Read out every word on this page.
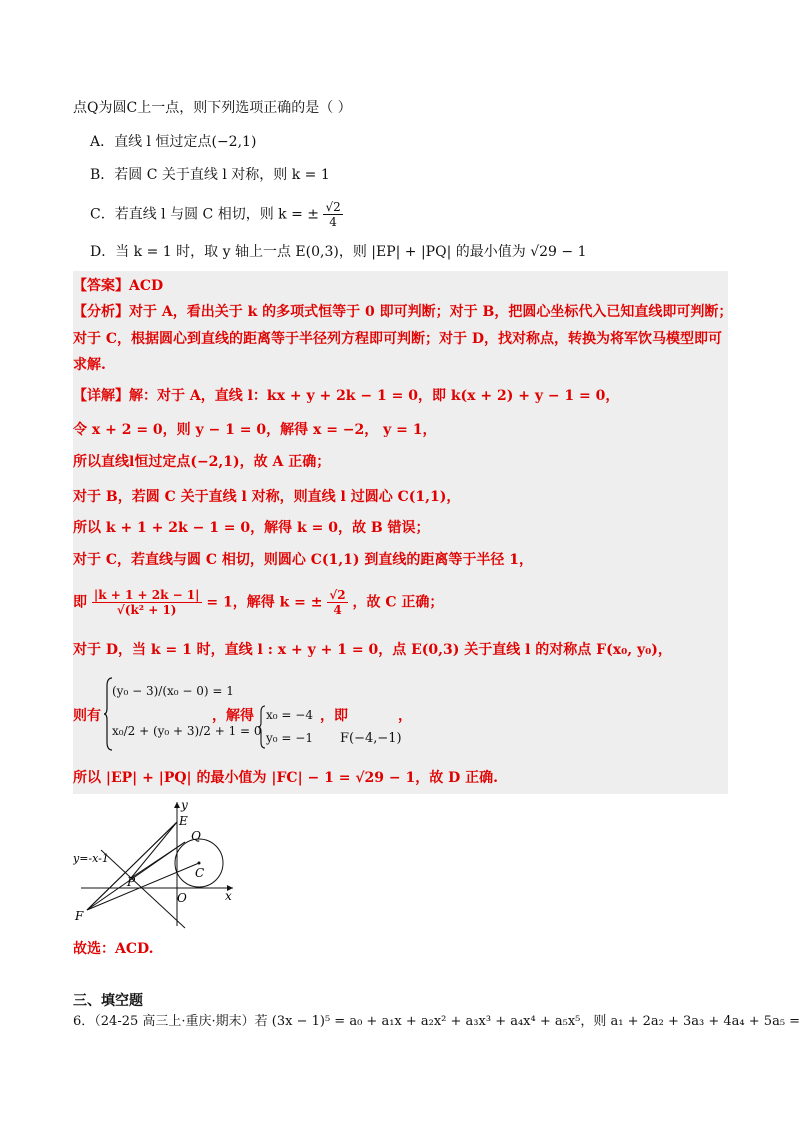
点Q为圆C上一点，则下列选项正确的是（ ）
A．直线 l 恒过定点(−2,1)
B．若圆 C 关于直线 l 对称，则 k = 1
C．若直线 l 与圆 C 相切，则 k = ± $\frac{√2}{4}$
D．当 k = 1 时，取 y 轴上一点 E(0,3)，则 |EP| + |PQ| 的最小值为 √29 − 1
【答案】ACD
【分析】对于 A，看出关于 k 的多项式恒等于 0 即可判断；对于 B，把圆心坐标代入已知直线即可判断；
对于 C，根据圆心到直线的距离等于半径列方程即可判断；对于 D，找对称点，转换为将军饮马模型即可
求解.
【详解】解：对于 A，直线 l：kx + y + 2k − 1 = 0，即 k(x + 2) + y − 1 = 0，
令 x + 2 = 0，则 y − 1 = 0，解得 x = −2， y = 1，
所以直线l恒过定点(−2,1)，故 A 正确；
对于 B，若圆 C 关于直线 l 对称，则直线 l 过圆心 C(1,1)，
所以 k + 1 + 2k − 1 = 0，解得 k = 0，故 B 错误；
对于 C，若直线与圆 C 相切，则圆心 C(1,1) 到直线的距离等于半径 1，
即 $\frac{|k + 1 + 2k - 1|}{\text{√(k² + 1)}} = 1$，解得 k = ± $\frac{√2}{4}$ ，故 C 正确；
对于 D，当 k = 1 时，直线 l : x + y + 1 = 0，点 E(0,3) 关于直线 l 的对称点 F(x₀, y₀)，
则有
(y₀ − 3)/(x₀ − 0) = 1
x₀/2 + (y₀ + 3)/2 + 1 = 0
，解得 x₀ = −4
y₀ = −1
，即
F(−4,−1)
，
所以 |EP| + |PQ| 的最小值为 |FC| − 1 = √29 − 1，故 D 正确.
y=-x-1
E
Q
P
C
O
F
x
y
故选：ACD.
三、填空题
6．（24-25 高三上·重庆·期末）若 (3x − 1)⁵ = a₀ + a₁x + a₂x² + a₃x³ + a₄x⁴ + a₅x⁵，则 a₁ + 2a₂ + 3a₃ + 4a₄ + 5a₅ =
